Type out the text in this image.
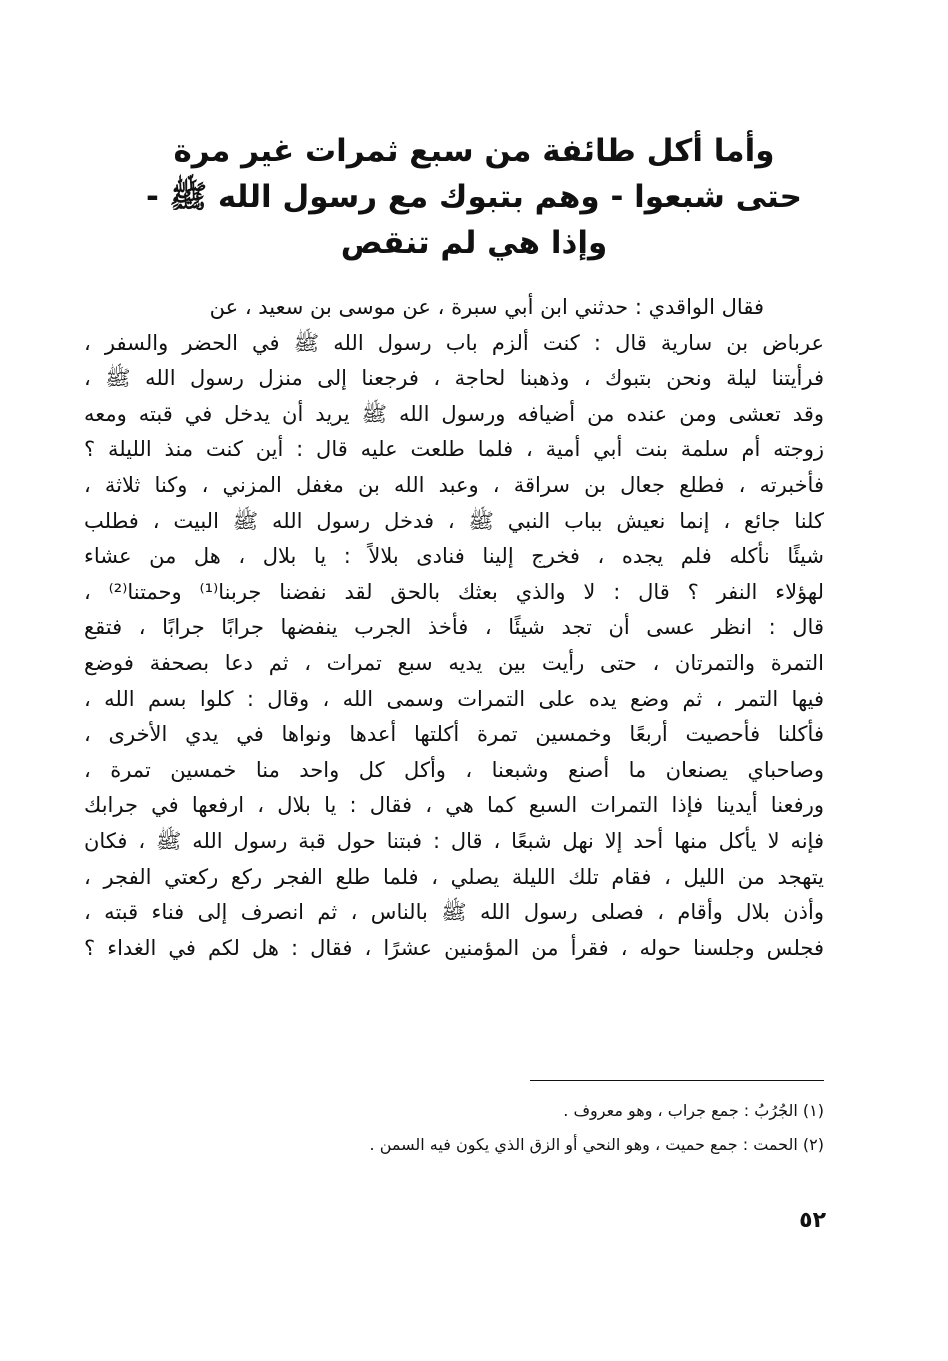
وأما أكل طائفة من سبع ثمرات غير مرة
حتى شبعوا - وهم بتبوك مع رسول الله ﷺ -
وإذا هي لم تنقص
فقال الواقدي : حدثني ابن أبي سبرة ، عن موسى بن سعيد ، عن
عرباض بن سارية قال : كنت ألزم باب رسول الله ﷺ في الحضر والسفر ،
فرأيتنا ليلة ونحن بتبوك ، وذهبنا لحاجة ، فرجعنا إلى منزل رسول الله ﷺ ،
وقد تعشى ومن عنده من أضيافه ورسول الله ﷺ يريد أن يدخل في قبته ومعه
زوجته أم سلمة بنت أبي أمية ، فلما طلعت عليه قال : أين كنت منذ الليلة ؟
فأخبرته ، فطلع جعال بن سراقة ، وعبد الله بن مغفل المزني ، وكنا ثلاثة ،
كلنا جائع ، إنما نعيش بباب النبي ﷺ ، فدخل رسول الله ﷺ البيت ، فطلب
شيئًا نأكله فلم يجده ، فخرج إلينا فنادى بلالاً : يا بلال ، هل من عشاء
لهؤلاء النفر ؟ قال : لا والذي بعثك بالحق لقد نفضنا جربنا⁽¹⁾ وحمتنا⁽²⁾ ،
قال : انظر عسى أن تجد شيئًا ، فأخذ الجرب ينفضها جرابًا جرابًا ، فتقع
التمرة والتمرتان ، حتى رأيت بين يديه سبع تمرات ، ثم دعا بصحفة فوضع
فيها التمر ، ثم وضع يده على التمرات وسمى الله ، وقال : كلوا بسم الله ،
فأكلنا فأحصيت أربعًا وخمسين تمرة أكلتها أعدها ونواها في يدي الأخرى ،
وصاحباي يصنعان ما أصنع وشبعنا ، وأكل كل واحد منا خمسين تمرة ،
ورفعنا أيدينا فإذا التمرات السبع كما هي ، فقال : يا بلال ، ارفعها في جرابك
فإنه لا يأكل منها أحد إلا نهل شبعًا ، قال : فبتنا حول قبة رسول الله ﷺ ، فكان
يتهجد من الليل ، فقام تلك الليلة يصلي ، فلما طلع الفجر ركع ركعتي الفجر ،
وأذن بلال وأقام ، فصلى رسول الله ﷺ بالناس ، ثم انصرف إلى فناء قبته ،
فجلس وجلسنا حوله ، فقرأ من المؤمنين عشرًا ، فقال : هل لكم في الغداء ؟
(١) الجُرُبُ : جمع جراب ، وهو معروف .
(٢) الحمت : جمع حميت ، وهو النحي أو الزق الذي يكون فيه السمن .
٥٢
